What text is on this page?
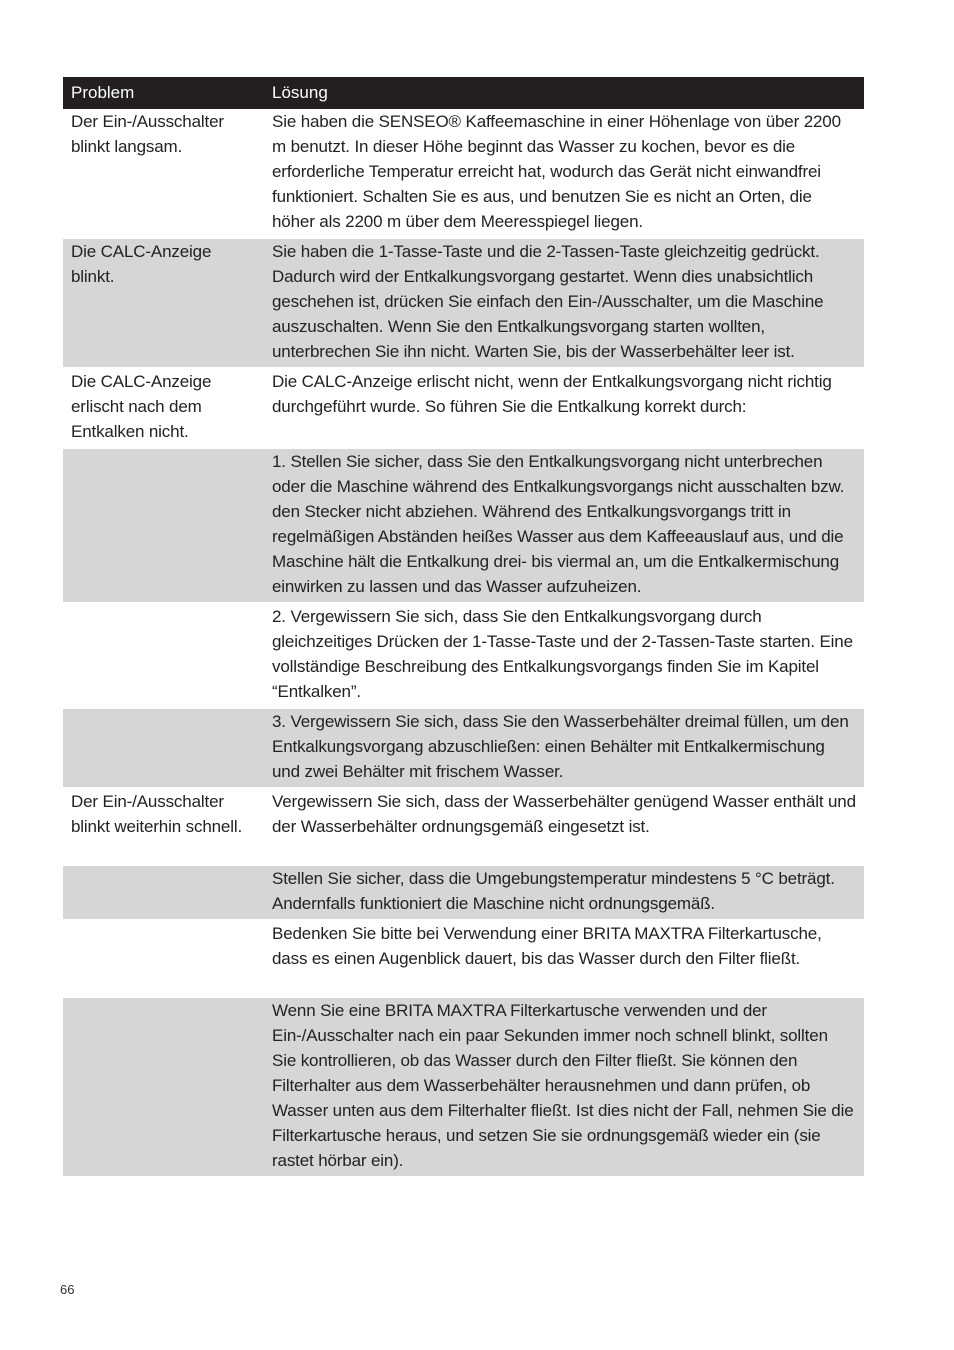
Problem	Lösung
Der Ein-/Ausschalter blinkt langsam.	Sie haben die SENSEO® Kaffeemaschine in einer Höhenlage von über 2200 m benutzt. In dieser Höhe beginnt das Wasser zu kochen, bevor es die erforderliche Temperatur erreicht hat, wodurch das Gerät nicht einwandfrei funktioniert. Schalten Sie es aus, und benutzen Sie es nicht an Orten, die höher als 2200 m über dem Meeresspiegel liegen.
Die CALC-Anzeige blinkt.	Sie haben die 1-Tasse-Taste und die 2-Tassen-Taste gleichzeitig gedrückt. Dadurch wird der Entkalkungsvorgang gestartet. Wenn dies unabsichtlich geschehen ist, drücken Sie einfach den Ein-/Ausschalter, um die Maschine auszuschalten. Wenn Sie den Entkalkungsvorgang starten wollten, unterbrechen Sie ihn nicht. Warten Sie, bis der Wasserbehälter leer ist.
Die CALC-Anzeige erlischt nach dem Entkalken nicht.	Die CALC-Anzeige erlischt nicht, wenn der Entkalkungsvorgang nicht richtig durchgeführt wurde. So führen Sie die Entkalkung korrekt durch:
	1. Stellen Sie sicher, dass Sie den Entkalkungsvorgang nicht unterbrechen oder die Maschine während des Entkalkungsvorgangs nicht ausschalten bzw. den Stecker nicht abziehen. Während des Entkalkungsvorgangs tritt in regelmäßigen Abständen heißes Wasser aus dem Kaffeeauslauf aus, und die Maschine hält die Entkalkung drei- bis viermal an, um die Entkalkermischung einwirken zu lassen und das Wasser aufzuheizen.
	2. Vergewissern Sie sich, dass Sie den Entkalkungsvorgang durch gleichzeitiges Drücken der 1-Tasse-Taste und der 2-Tassen-Taste starten. Eine vollständige Beschreibung des Entkalkungsvorgangs finden Sie im Kapitel “Entkalken”.
	3. Vergewissern Sie sich, dass Sie den Wasserbehälter dreimal füllen, um den Entkalkungsvorgang abzuschließen: einen Behälter mit Entkalkermischung und zwei Behälter mit frischem Wasser.
Der Ein-/Ausschalter blinkt weiterhin schnell.	Vergewissern Sie sich, dass der Wasserbehälter genügend Wasser enthält und der Wasserbehälter ordnungsgemäß eingesetzt ist.
	Stellen Sie sicher, dass die Umgebungstemperatur mindestens 5 °C beträgt. Andernfalls funktioniert die Maschine nicht ordnungsgemäß.
	Bedenken Sie bitte bei Verwendung einer BRITA MAXTRA Filterkartusche, dass es einen Augenblick dauert, bis das Wasser durch den Filter fließt.
	Wenn Sie eine BRITA MAXTRA Filterkartusche verwenden und der Ein-/Ausschalter nach ein paar Sekunden immer noch schnell blinkt, sollten Sie kontrollieren, ob das Wasser durch den Filter fließt. Sie können den Filterhalter aus dem Wasserbehälter herausnehmen und dann prüfen, ob Wasser unten aus dem Filterhalter fließt. Ist dies nicht der Fall, nehmen Sie die Filterkartusche heraus, und setzen Sie sie ordnungsgemäß wieder ein (sie rastet hörbar ein).
66
